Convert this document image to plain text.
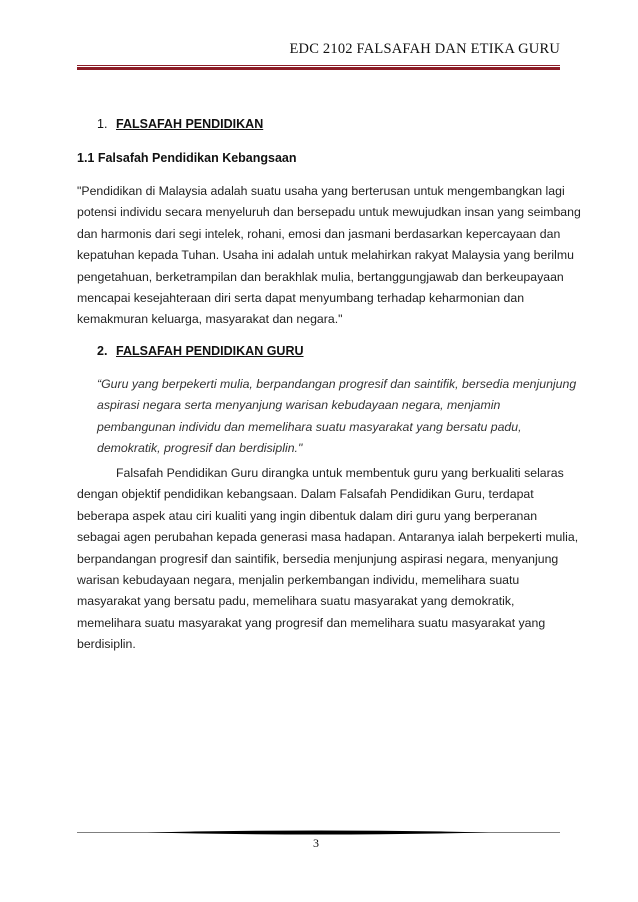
EDC 2102 FALSAFAH DAN ETIKA GURU
1. FALSAFAH PENDIDIKAN
1.1 Falsafah Pendidikan Kebangsaan

"Pendidikan di Malaysia adalah suatu usaha yang berterusan untuk mengembangkan lagi

potensi individu secara menyeluruh dan bersepadu untuk mewujudkan insan yang seimbang

dan harmonis dari segi intelek, rohani, emosi dan jasmani berdasarkan kepercayaan dan

kepatuhan kepada Tuhan. Usaha ini adalah untuk melahirkan rakyat Malaysia yang berilmu

pengetahuan, berketrampilan dan berakhlak mulia, bertanggungjawab dan berkeupayaan

mencapai kesejahteraan diri serta dapat menyumbang terhadap keharmonian dan

kemakmuran keluarga, masyarakat dan negara."

2. FALSAFAH PENDIDIKAN GURU

“Guru yang berpekerti mulia, berpandangan progresif dan saintifik, bersedia menjunjung

aspirasi negara serta menyanjung warisan kebudayaan negara, menjamin

pembangunan individu dan memelihara suatu masyarakat yang bersatu padu,

demokratik, progresif dan berdisiplin."

Falsafah Pendidikan Guru dirangka untuk membentuk guru yang berkualiti selaras

dengan objektif pendidikan kebangsaan. Dalam Falsafah Pendidikan Guru, terdapat

beberapa aspek atau ciri kualiti yang ingin dibentuk dalam diri guru yang berperanan

sebagai agen perubahan kepada generasi masa hadapan. Antaranya ialah berpekerti mulia,

berpandangan progresif dan saintifik, bersedia menjunjung aspirasi negara, menyanjung

warisan kebudayaan negara, menjalin perkembangan individu, memelihara suatu

masyarakat yang bersatu padu, memelihara suatu masyarakat yang demokratik,

memelihara suatu masyarakat yang progresif dan memelihara suatu masyarakat yang

berdisiplin.

3
